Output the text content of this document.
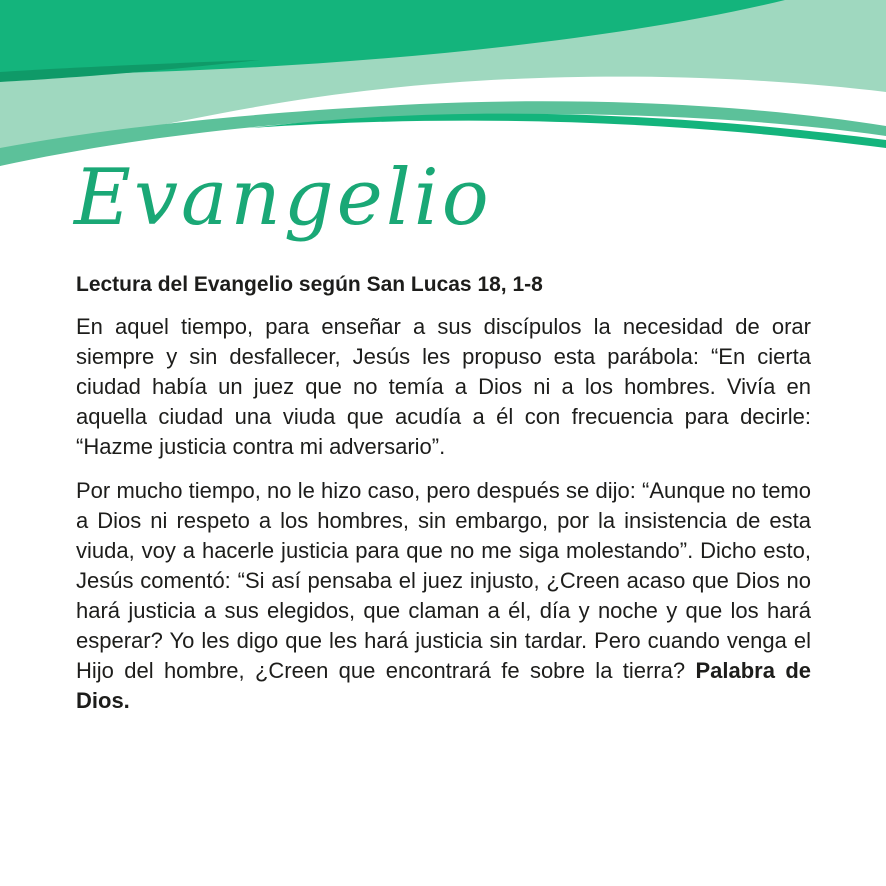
Evangelio
Lectura del Evangelio según San Lucas 18, 1-8

En aquel tiempo, para enseñar a sus discípulos la necesidad de orar siempre y sin desfallecer, Jesús les propuso esta parábola: “En cierta ciudad había un juez que no temía a Dios ni a los hombres. Vivía en aquella ciudad una viuda que acudía a él con frecuencia para decirle: “Hazme justicia contra mi adversario”.

Por mucho tiempo, no le hizo caso, pero después se dijo: “Aunque no temo a Dios ni respeto a los hombres, sin embargo, por la insistencia de esta viuda, voy a hacerle justicia para que no me siga molestando”. Dicho esto, Jesús comentó: “Si así pensaba el juez injusto, ¿Creen acaso que Dios no hará justicia a sus elegidos, que claman a él, día y noche y que los hará esperar? Yo les digo que les hará justicia sin tardar. Pero cuando venga el Hijo del hombre, ¿Creen que encontrará fe sobre la tierra? Palabra de Dios.
